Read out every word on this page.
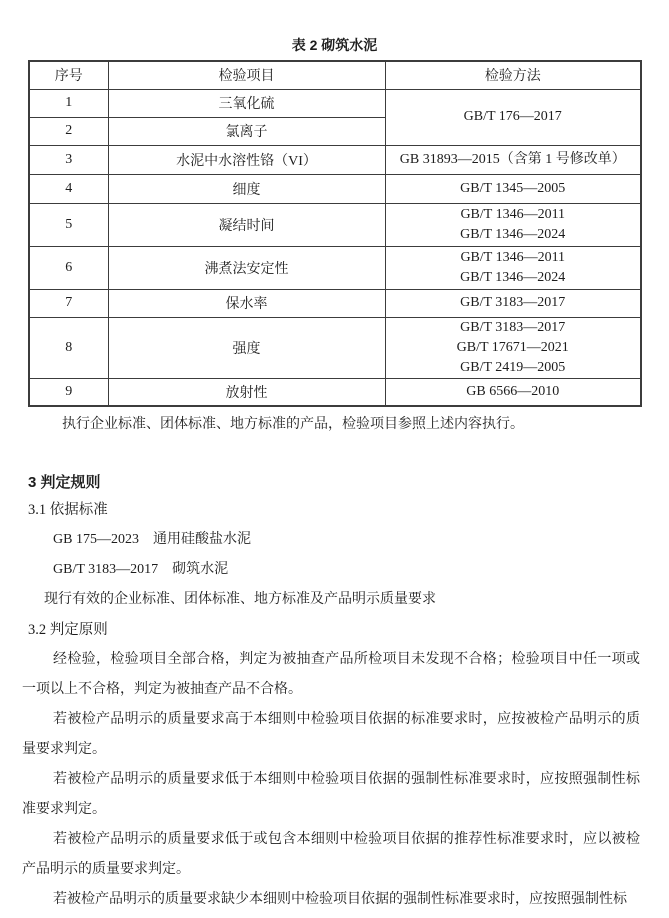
表 2 砌筑水泥
序号	检验项目	检验方法
1	三氧化硫	GB/T 176—2017

2	氯离子	
3	水泥中水溶性铬（VI）	GB 31893—2015（含第 1 号修改单）

4	细度	GB/T 1345—2005

5	凝结时间	GB/T 1346—2011
GB/T 1346—2024

6	沸煮法安定性	GB/T 1346—2011
GB/T 1346—2024

7	保水率	GB/T 3183—2017

8	强度	GB/T 3183—2017
GB/T 17671—2021
GB/T 2419—2005

9	放射性	GB 6566—2010

执行企业标准、团体标准、地方标准的产品，检验项目参照上述内容执行。

3 判定规则
3.1 依据标准

GB 175—2023　通用硅酸盐水泥

GB/T 3183—2017　砌筑水泥

现行有效的企业标准、团体标准、地方标准及产品明示质量要求

3.2 判定原则

经检验，检验项目全部合格，判定为被抽查产品所检项目未发现不合格；检验项目中任一项或一项以上不合格，判定为被抽查产品不合格。

若被检产品明示的质量要求高于本细则中检验项目依据的标准要求时，应按被检产品明示的质量要求判定。

若被检产品明示的质量要求低于本细则中检验项目依据的强制性标准要求时，应按照强制性标准要求判定。

若被检产品明示的质量要求低于或包含本细则中检验项目依据的推荐性标准要求时，应以被检产品明示的质量要求判定。

若被检产品明示的质量要求缺少本细则中检验项目依据的强制性标准要求时，应按照强制性标
